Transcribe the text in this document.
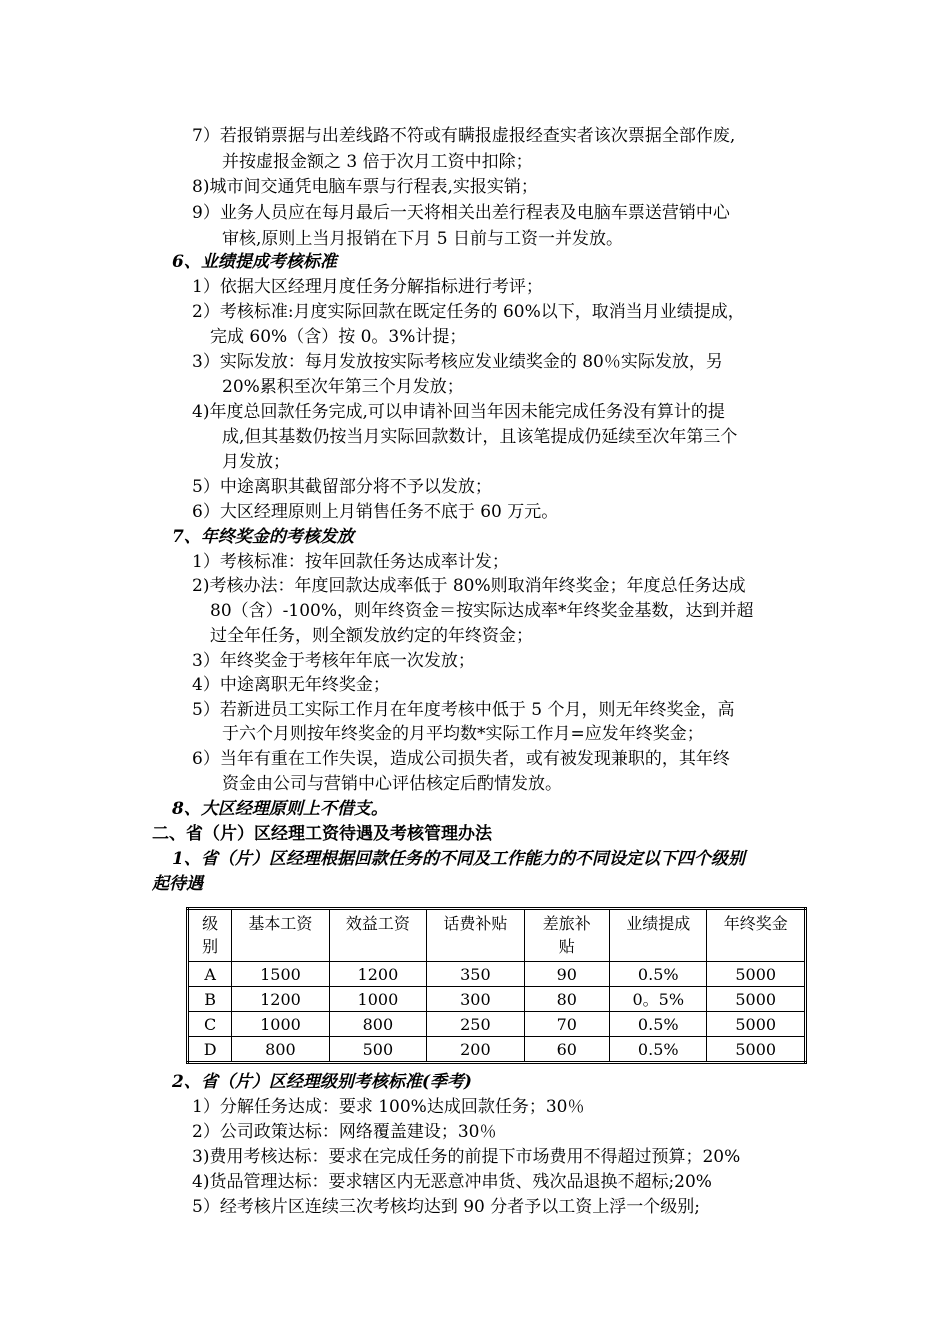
7）若报销票据与出差线路不符或有瞒报虚报经查实者该次票据全部作废,
并按虚报金额之 3 倍于次月工资中扣除；
8)城市间交通凭电脑车票与行程表,实报实销；
9）业务人员应在每月最后一天将相关出差行程表及电脑车票送营销中心
审核,原则上当月报销在下月 5 日前与工资一并发放。
6、业绩提成考核标准
1）依据大区经理月度任务分解指标进行考评；
2）考核标准:月度实际回款在既定任务的 60%以下，取消当月业绩提成，
完成 60%（含）按 0。3%计提；
3）实际发放：每月发放按实际考核应发业绩奖金的 80％实际发放，另
20%累积至次年第三个月发放；
4)年度总回款任务完成,可以申请补回当年因未能完成任务没有算计的提
成,但其基数仍按当月实际回款数计，且该笔提成仍延续至次年第三个
月发放；
5）中途离职其截留部分将不予以发放；
6）大区经理原则上月销售任务不底于 60 万元。
7、年终奖金的考核发放
1）考核标准：按年回款任务达成率计发；
2)考核办法：年度回款达成率低于 80%则取消年终奖金；年度总任务达成
80（含）-100%，则年终资金＝按实际达成率*年终奖金基数，达到并超
过全年任务，则全额发放约定的年终资金；
3）年终奖金于考核年年底一次发放；
4）中途离职无年终奖金；
5）若新进员工实际工作月在年度考核中低于 5 个月，则无年终奖金，高
于六个月则按年终奖金的月平均数*实际工作月=应发年终奖金；
6）当年有重在工作失误，造成公司损失者，或有被发现兼职的，其年终
资金由公司与营销中心评估核定后酌情发放。
8、大区经理原则上不借支。
二、省（片）区经理工资待遇及考核管理办法
1、省（片）区经理根据回款任务的不同及工作能力的不同设定以下四个级别
起待遇
级
别	基本工资	效益工资	话费补贴	差旅补
贴	业绩提成	年终奖金
A	1500	1200	350	90	0.5%	5000
B	1200	1000	300	80	0。5%	5000
C	1000	800	250	70	0.5%	5000
D	800	500	200	60	0.5%	5000
2、省（片）区经理级别考核标准(季考)
1）分解任务达成：要求 100%达成回款任务；30％
2）公司政策达标：网络覆盖建设；30％
3)费用考核达标：要求在完成任务的前提下市场费用不得超过预算；20%
4)货品管理达标：要求辖区内无恶意冲串货、残次品退换不超标;20%
5）经考核片区连续三次考核均达到 90 分者予以工资上浮一个级别;
